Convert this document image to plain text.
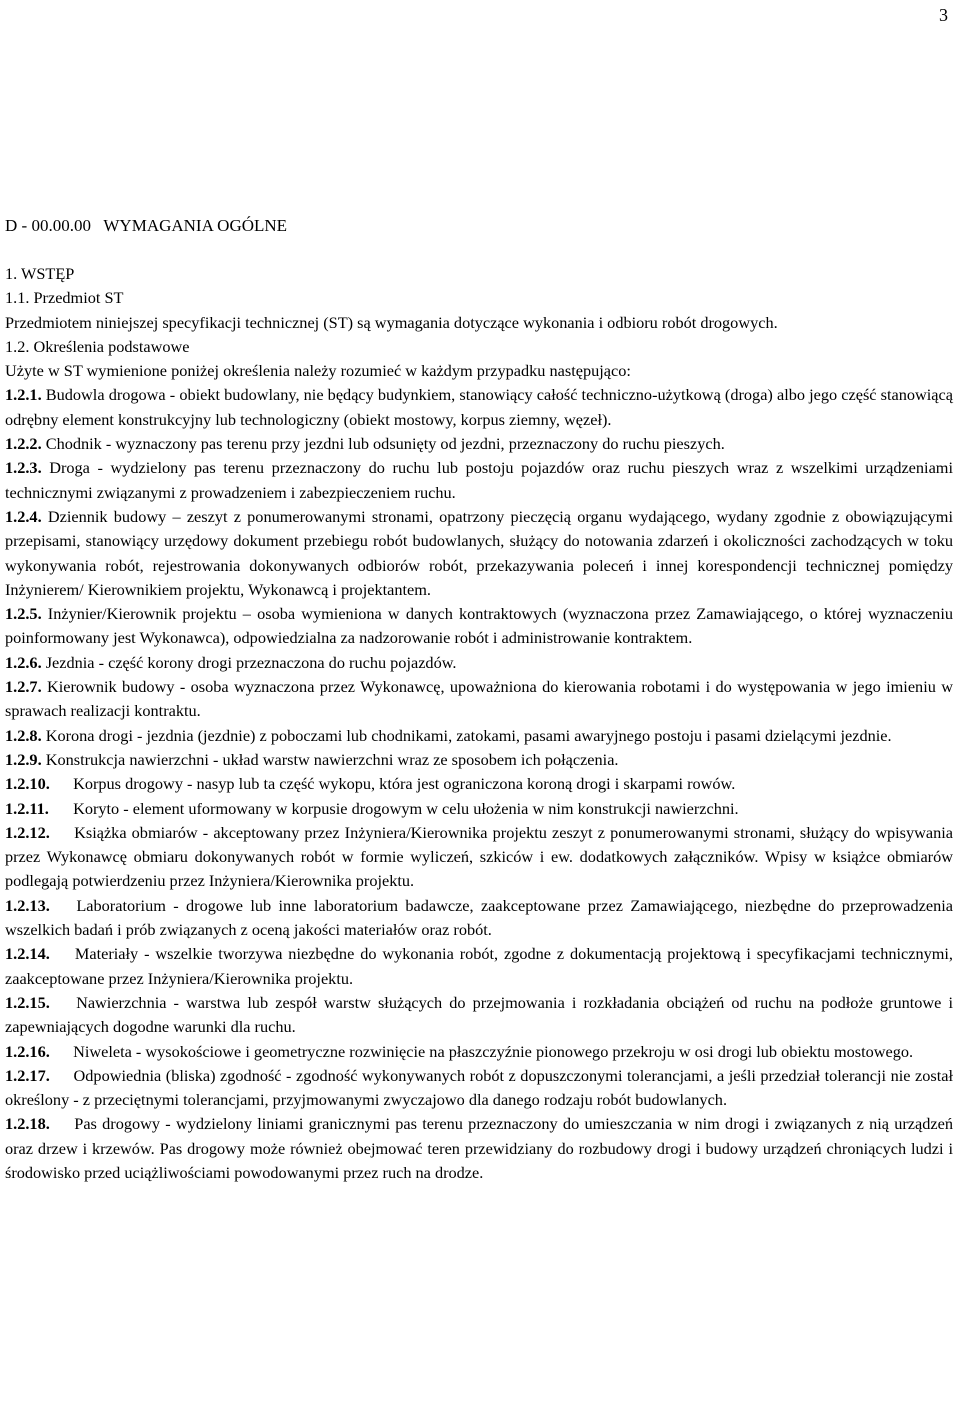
3
D - 00.00.00   WYMAGANIA OGÓLNE
1. WSTĘP
1.1. Przedmiot ST
Przedmiotem niniejszej specyfikacji technicznej (ST) są wymagania dotyczące wykonania i odbioru robót drogowych.
1.2. Określenia podstawowe
Użyte w ST wymienione poniżej określenia należy rozumieć w każdym przypadku następująco:
1.2.1. Budowla drogowa - obiekt budowlany, nie będący budynkiem, stanowiący całość techniczno-użytkową (droga) albo jego część stanowiącą odrębny element konstrukcyjny lub technologiczny (obiekt mostowy, korpus ziemny, węzeł).
1.2.2. Chodnik - wyznaczony pas terenu przy jezdni lub odsunięty od jezdni, przeznaczony do ruchu pieszych.
1.2.3. Droga - wydzielony pas terenu przeznaczony do ruchu lub postoju pojazdów oraz ruchu pieszych wraz z wszelkimi urządzeniami technicznymi związanymi z prowadzeniem i zabezpieczeniem ruchu.
1.2.4. Dziennik budowy – zeszyt z ponumerowanymi stronami, opatrzony pieczęcią organu wydającego, wydany zgodnie z obowiązującymi przepisami, stanowiący urzędowy dokument przebiegu robót budowlanych, służący do notowania zdarzeń i okoliczności zachodzących w toku wykonywania robót, rejestrowania dokonywanych odbiorów robót, przekazywania poleceń i innej korespondencji technicznej pomiędzy Inżynierem/ Kierownikiem projektu, Wykonawcą i projektantem.
1.2.5. Inżynier/Kierownik projektu – osoba wymieniona w danych kontraktowych (wyznaczona przez Zamawiającego, o której wyznaczeniu poinformowany jest Wykonawca), odpowiedzialna za nadzorowanie robót i administrowanie kontraktem.
1.2.6. Jezdnia - część korony drogi przeznaczona do ruchu pojazdów.
1.2.7. Kierownik budowy - osoba wyznaczona przez Wykonawcę, upoważniona do kierowania robotami i do występowania w jego imieniu w sprawach realizacji kontraktu.
1.2.8. Korona drogi - jezdnia (jezdnie) z poboczami lub chodnikami, zatokami, pasami awaryjnego postoju i pasami dzielącymi jezdnie.
1.2.9. Konstrukcja nawierzchni - układ warstw nawierzchni wraz ze sposobem ich połączenia.
1.2.10. Korpus drogowy - nasyp lub ta część wykopu, która jest ograniczona koroną drogi i skarpami rowów.
1.2.11. Koryto - element uformowany w korpusie drogowym w celu ułożenia w nim konstrukcji nawierzchni.
1.2.12. Książka obmiarów - akceptowany przez Inżyniera/Kierownika projektu zeszyt z ponumerowanymi stronami, służący do wpisywania przez Wykonawcę obmiaru dokonywanych robót w formie wyliczeń, szkiców i ew. dodatkowych załączników. Wpisy w książce obmiarów podlegają potwierdzeniu przez Inżyniera/Kierownika projektu.
1.2.13. Laboratorium - drogowe lub inne laboratorium badawcze, zaakceptowane przez Zamawiającego, niezbędne do przeprowadzenia wszelkich badań i prób związanych z oceną jakości materiałów oraz robót.
1.2.14. Materiały - wszelkie tworzywa niezbędne do wykonania robót, zgodne z dokumentacją projektową i specyfikacjami technicznymi, zaakceptowane przez Inżyniera/Kierownika projektu.
1.2.15. Nawierzchnia - warstwa lub zespół warstw służących do przejmowania i rozkładania obciążeń od ruchu na podłoże gruntowe i zapewniających dogodne warunki dla ruchu.
1.2.16. Niweleta - wysokościowe i geometryczne rozwinięcie na płaszczyźnie pionowego przekroju w osi drogi lub obiektu mostowego.
1.2.17. Odpowiednia (bliska) zgodność - zgodność wykonywanych robót z dopuszczonymi tolerancjami, a jeśli przedział tolerancji nie został określony - z przeciętnymi tolerancjami, przyjmowanymi zwyczajowo dla danego rodzaju robót budowlanych.
1.2.18. Pas drogowy - wydzielony liniami granicznymi pas terenu przeznaczony do umieszczania w nim drogi i związanych z nią urządzeń oraz drzew i krzewów. Pas drogowy może również obejmować teren przewidziany do rozbudowy drogi i budowy urządzeń chroniących ludzi i środowisko przed uciążliwościami powodowanymi przez ruch na drodze.
